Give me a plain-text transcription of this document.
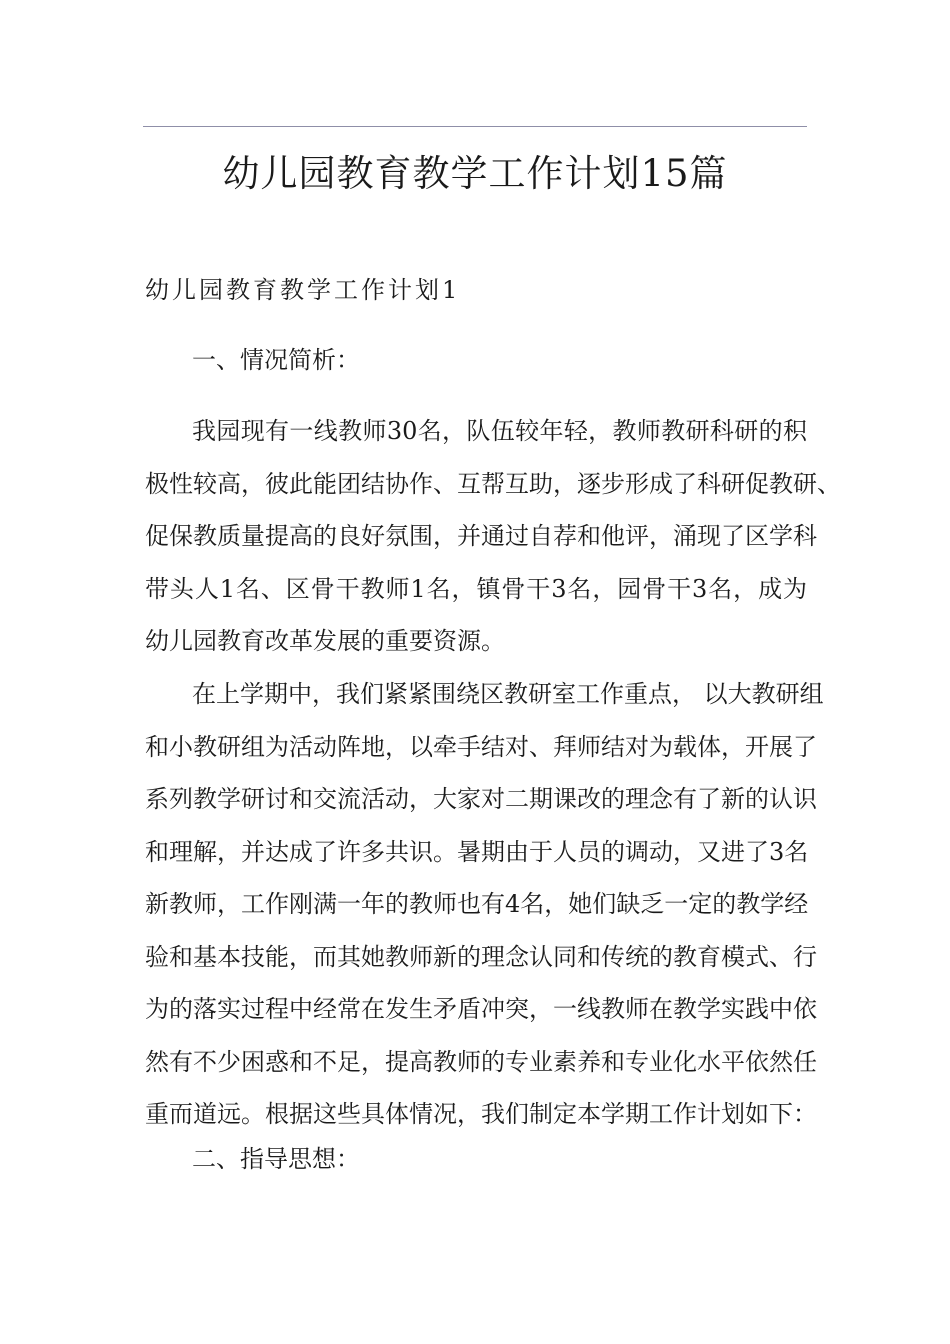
幼儿园教育教学工作计划15篇
幼儿园教育教学工作计划1
一、情况简析：

我园现有一线教师30名，队伍较年轻，教师教研科研的积
极性较高，彼此能团结协作、互帮互助，逐步形成了科研促教研、
促保教质量提高的良好氛围，并通过自荐和他评，涌现了区学科
带头人1名、区骨干教师1名，镇骨干3名，园骨干3名，成为
幼儿园教育改革发展的重要资源。

在上学期中，我们紧紧围绕区教研室工作重点， 以大教研组
和小教研组为活动阵地，以牵手结对、拜师结对为载体，开展了
系列教学研讨和交流活动，大家对二期课改的理念有了新的认识
和理解，并达成了许多共识。暑期由于人员的调动，又进了3名
新教师，工作刚满一年的教师也有4名，她们缺乏一定的教学经
验和基本技能，而其她教师新的理念认同和传统的教育模式、行
为的落实过程中经常在发生矛盾冲突，一线教师在教学实践中依
然有不少困惑和不足，提高教师的专业素养和专业化水平依然任
重而道远。根据这些具体情况，我们制定本学期工作计划如下：

二、指导思想：
